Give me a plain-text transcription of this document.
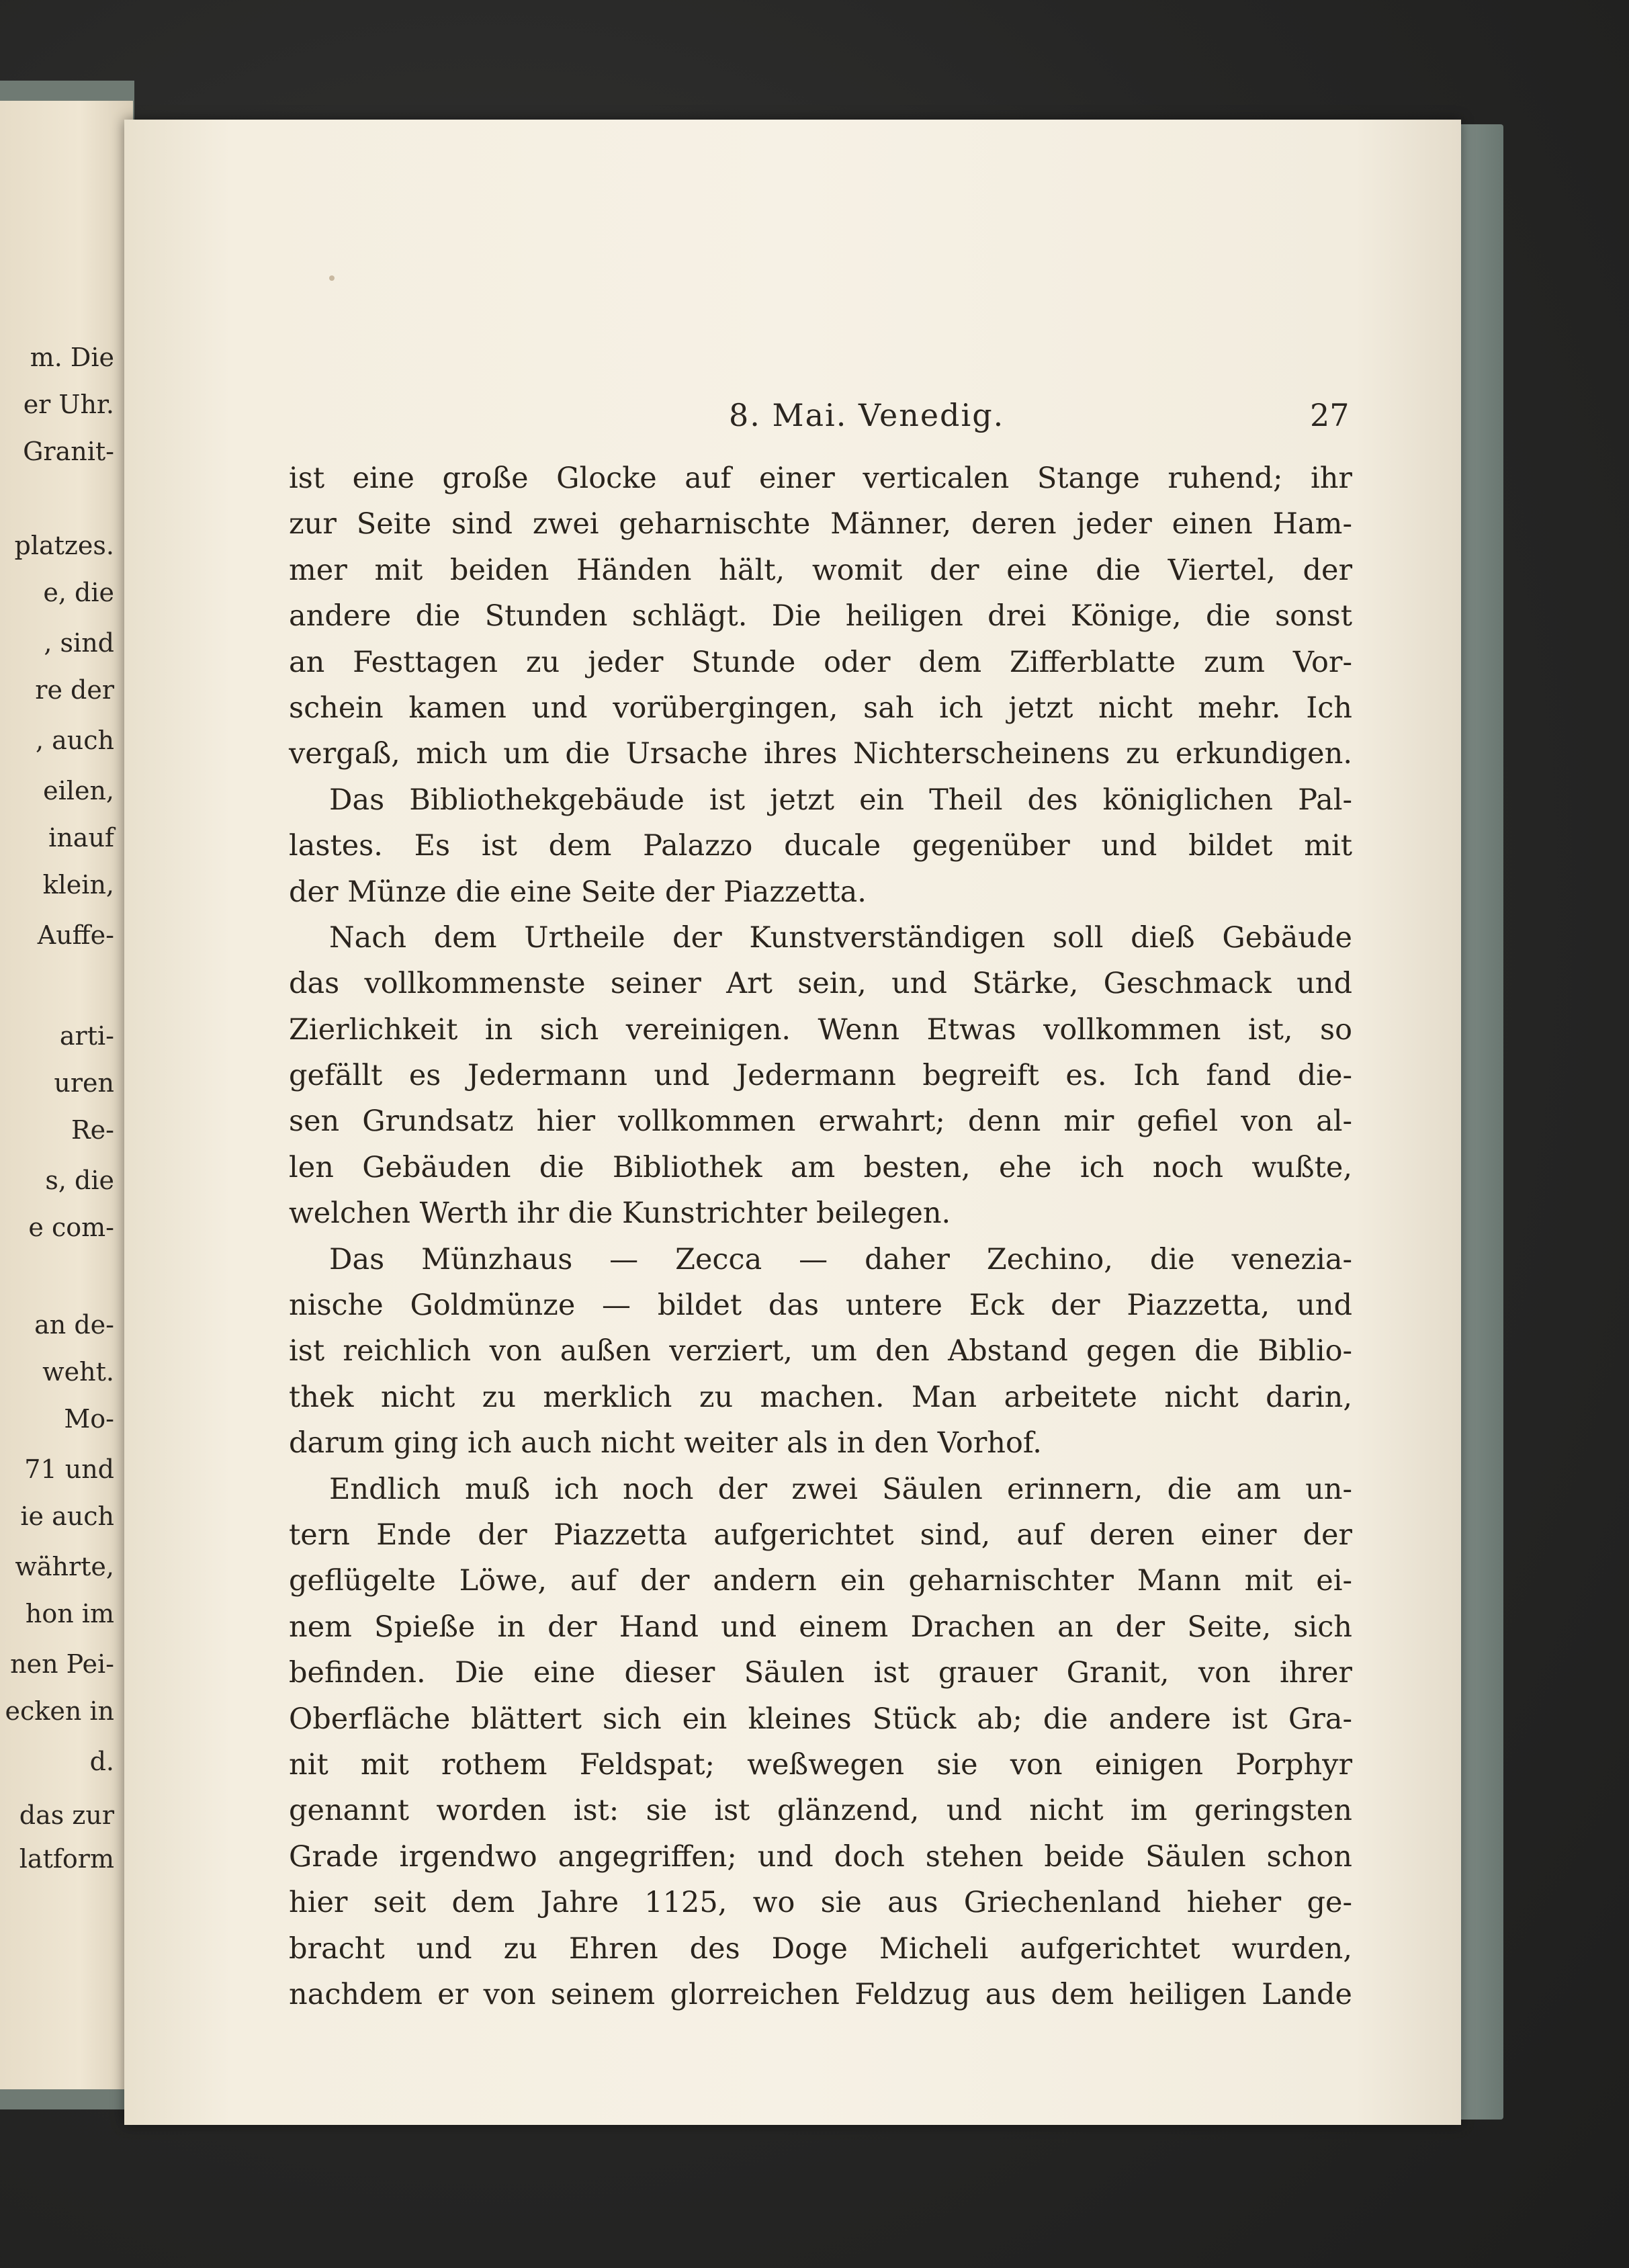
m. Die
er Uhr.
Granit-
platzes.
e, die
, sind
re der
, auch
eilen,
inauf
klein,
Auffe-
arti-
uren
Re-
s, die
e com-
an de-
weht.
Mo-
71 und
ie auch
währte,
hon im
nen Pei-
ecken in
d.
das zur
latform
8. Mai. Venedig.	27
ist eine große Glocke auf einer verticalen Stange ruhend; ihr
zur Seite sind zwei geharnischte Männer, deren jeder einen Ham-
mer mit beiden Händen hält, womit der eine die Viertel, der
andere die Stunden schlägt. Die heiligen drei Könige, die sonst
an Festtagen zu jeder Stunde oder dem Zifferblatte zum Vor-
schein kamen und vorübergingen, sah ich jetzt nicht mehr. Ich
vergaß, mich um die Ursache ihres Nichterscheinens zu erkundigen.
Das Bibliothekgebäude ist jetzt ein Theil des königlichen Pal-
lastes. Es ist dem Palazzo ducale gegenüber und bildet mit
der Münze die eine Seite der Piazzetta.
Nach dem Urtheile der Kunstverständigen soll dieß Gebäude
das vollkommenste seiner Art sein, und Stärke, Geschmack und
Zierlichkeit in sich vereinigen. Wenn Etwas vollkommen ist, so
gefällt es Jedermann und Jedermann begreift es. Ich fand die-
sen Grundsatz hier vollkommen erwahrt; denn mir gefiel von al-
len Gebäuden die Bibliothek am besten, ehe ich noch wußte,
welchen Werth ihr die Kunstrichter beilegen.
Das Münzhaus — Zecca — daher Zechino, die venezia-
nische Goldmünze — bildet das untere Eck der Piazzetta, und
ist reichlich von außen verziert, um den Abstand gegen die Biblio-
thek nicht zu merklich zu machen. Man arbeitete nicht darin,
darum ging ich auch nicht weiter als in den Vorhof.
Endlich muß ich noch der zwei Säulen erinnern, die am un-
tern Ende der Piazzetta aufgerichtet sind, auf deren einer der
geflügelte Löwe, auf der andern ein geharnischter Mann mit ei-
nem Spieße in der Hand und einem Drachen an der Seite, sich
befinden. Die eine dieser Säulen ist grauer Granit, von ihrer
Oberfläche blättert sich ein kleines Stück ab; die andere ist Gra-
nit mit rothem Feldspat; weßwegen sie von einigen Porphyr
genannt worden ist: sie ist glänzend, und nicht im geringsten
Grade irgendwo angegriffen; und doch stehen beide Säulen schon
hier seit dem Jahre 1125, wo sie aus Griechenland hieher ge-
bracht und zu Ehren des Doge Micheli aufgerichtet wurden,
nachdem er von seinem glorreichen Feldzug aus dem heiligen Lande
